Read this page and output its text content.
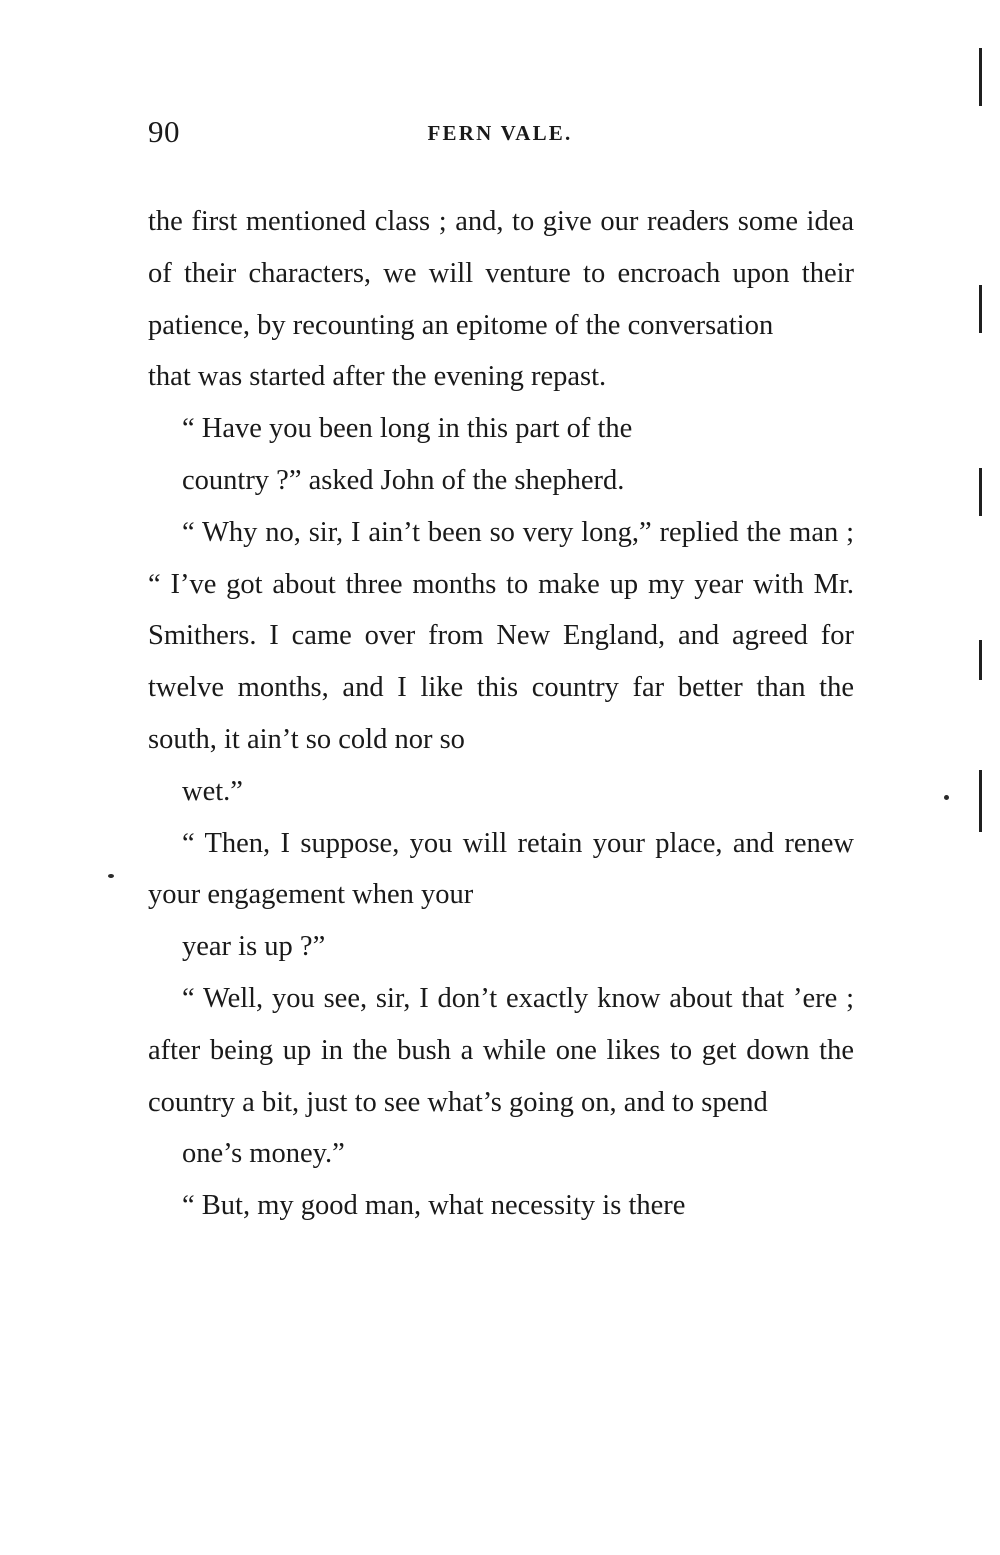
90	FERN VALE.

the first mentioned class ; and, to give our readers some idea of their characters, we will venture to encroach upon their patience, by recounting an epitome of the conversation
that was started after the evening repast.

“ Have you been long in this part of the
country ?” asked John of the shepherd.

“ Why no, sir, I ain’t been so very long,” replied the man ; “ I’ve got about three months to make up my year with Mr. Smithers. I came over from New England, and agreed for twelve months, and I like this country far better than the south, it ain’t so cold nor so
wet.”

“ Then, I suppose, you will retain your place, and renew your engagement when your
year is up ?”

“ Well, you see, sir, I don’t exactly know about that ’ere ; after being up in the bush a while one likes to get down the country a bit, just to see what’s going on, and to spend
one’s money.”

“ But, my good man, what necessity is there
